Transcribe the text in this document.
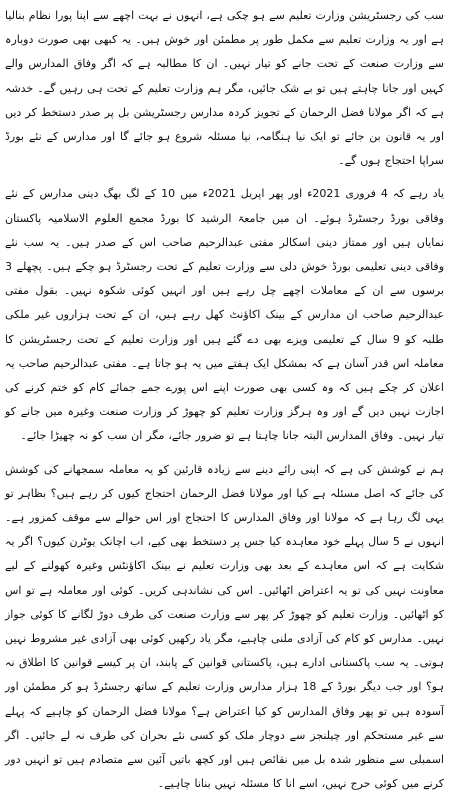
سب کی رجسٹریشن وزارت تعلیم سے ہو چکی ہے، انہوں نے بہت اچھے سے اپنا پورا نظام بنالیا ہے اور یہ وزارت تعلیم سے مکمل طور پر مطمئن اور خوش ہیں۔ یہ کبھی بھی صورت دوبارہ سے وزارت صنعت کے تحت جانے کو تیار نہیں۔ ان کا مطالبہ ہے کہ اگر وفاق المدارس والے کہیں اور جانا چاہتے ہیں تو بے شک جائیں، مگر ہم وزارت تعلیم کے تحت ہی رہیں گے۔ خدشہ ہے کہ اگر مولانا فضل الرحمان کے تجویز کردہ مدارس رجسٹریشن بل پر صدر دستخط کر دیں اور یہ قانون بن جائے تو ایک نیا ہنگامہ، نیا مسئلہ شروع ہو جائے گا اور مدارس کے نئے بورڈ سراپا احتجاج ہوں گے۔

یاد رہے کہ 4 فروری 2021ء اور پھر اپریل 2021ء میں 10 کے لگ بھگ دینی مدارس کے نئے وفاقی بورڈ رجسٹرڈ ہوئے۔ ان میں جامعۃ الرشید کا بورڈ مجمع العلوم الاسلامیہ پاکستان نمایاں ہیں اور ممتاز دینی اسکالر مفتی عبدالرحیم صاحب اس کے صدر ہیں۔ یہ سب نئے وفاقی دینی تعلیمی بورڈ خوش دلی سے وزارت تعلیم کے تحت رجسٹرڈ ہو چکے ہیں۔ پچھلے 3 برسوں سے ان کے معاملات اچھے چل رہے ہیں اور انہیں کوئی شکوہ نہیں۔ بقول مفتی عبدالرحیم صاحب ان مدارس کے بینک اکاؤنٹ کھل رہے ہیں، ان کے تحت ہزاروں غیر ملکی طلبہ کو 9 سال کے تعلیمی ویزے بھی دے گئے ہیں اور وزارت تعلیم کے تحت رجسٹریشن کا معاملہ اس قدر آسان ہے کہ بمشکل ایک ہفتے میں یہ ہو جاتا ہے۔ مفتی عبدالرحیم صاحب یہ اعلان کر چکے ہیں کہ وہ کسی بھی صورت اپنے اس پورے جمے جمائے کام کو ختم کرنے کی اجازت نہیں دیں گے اور وہ ہرگز وزارت تعلیم کو چھوڑ کر وزارت صنعت وغیرہ میں جانے کو تیار نہیں۔ وفاق المدارس البتہ جانا چاہتا ہے تو ضرور جائے، مگر ان سب کو نہ چھیڑا جائے۔

ہم نے کوشش کی ہے کہ اپنی رائے دینے سے زیادہ قارئین کو یہ معاملہ سمجھانے کی کوشش کی جائے کہ اصل مسئلہ ہے کیا اور مولانا فضل الرحمان احتجاج کیوں کر رہے ہیں؟ بظاہر تو یہی لگ رہا ہے کہ مولانا اور وفاق المدارس کا احتجاج اور اس حوالے سے موقف کمزور ہے۔ انہوں نے 5 سال پہلے خود معاہدہ کیا جس پر دستخط بھی کیے، اب اچانک یوٹرن کیوں؟ اگر یہ شکایت ہے کہ اس معاہدے کے بعد بھی وزارت تعلیم نے بینک اکاؤنٹس وغیرہ کھولنے کے لیے معاونت نہیں کی تو یہ اعتراض اٹھائیں۔ اس کی نشاندہی کریں۔ کوئی اور معاملہ ہے تو اس کو اٹھائیں۔ وزارت تعلیم کو چھوڑ کر پھر سے وزارت صنعت کی طرف دوڑ لگانے کا کوئی جواز نہیں۔ مدارس کو کام کی آزادی ملنی چاہیے، مگر یاد رکھیں کوئی بھی آزادی غیر مشروط نہیں ہوتی۔ یہ سب پاکستانی ادارے ہیں، پاکستانی قوانین کے پابند، ان پر کیسے قوانین کا اطلاق نہ ہو؟ اور جب دیگر بورڈ کے 18 ہزار مدارس وزارت تعلیم کے ساتھ رجسٹرڈ ہو کر مطمئن اور آسودہ ہیں تو پھر وفاق المدارس کو کیا اعتراض ہے؟ مولانا فضل الرحمان کو چاہیے کہ پہلے سے غیر مستحکم اور چیلنجز سے دوچار ملک کو کسی نئے بحران کی طرف نہ لے جائیں۔ اگر اسمبلی سے منظور شدہ بل میں نقائص ہیں اور کچھ باتیں آئین سے متصادم ہیں تو انہیں دور کرنے میں کوئی حرج نہیں، اسے انا کا مسئلہ نہیں بنانا چاہیے۔
